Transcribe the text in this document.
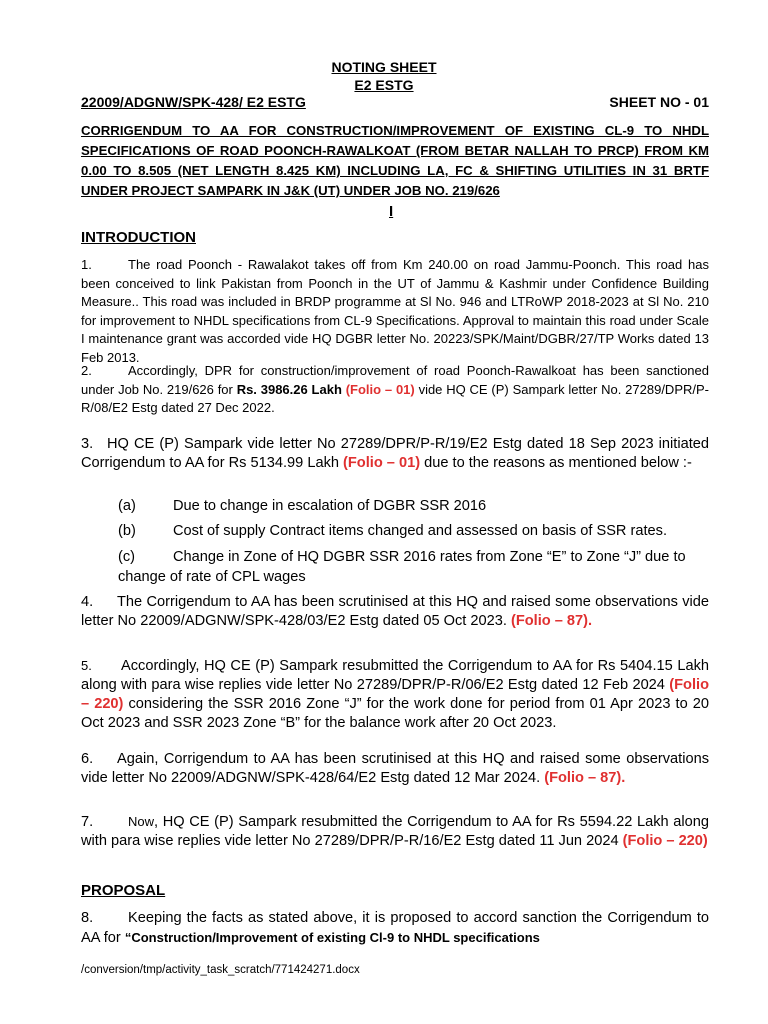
NOTING SHEET
E2 ESTG
22009/ADGNW/SPK-428/ E2 ESTG	SHEET NO - 01
CORRIGENDUM TO AA FOR CONSTRUCTION/IMPROVEMENT OF EXISTING CL-9 TO NHDL SPECIFICATIONS OF ROAD POONCH-RAWALKOAT (FROM BETAR NALLAH TO PRCP) FROM KM 0.00 TO 8.505 (NET LENGTH 8.425 KM) INCLUDING LA, FC & SHIFTING UTILITIES IN 31 BRTF UNDER PROJECT SAMPARK IN J&K (UT) UNDER JOB NO. 219/626
I
INTRODUCTION
1.	The road Poonch - Rawalakot takes off from Km 240.00 on road Jammu-Poonch. This road has been conceived to link Pakistan from Poonch in the UT of Jammu & Kashmir under Confidence Building Measure.. This road was included in BRDP programme at Sl No. 946 and LTRoWP 2018-2023 at Sl No. 210 for improvement to NHDL specifications from CL-9 Specifications. Approval to maintain this road under Scale I maintenance grant was accorded vide HQ DGBR letter No. 20223/SPK/Maint/DGBR/27/TP Works dated 13 Feb 2013.
2.	Accordingly, DPR for construction/improvement of road Poonch-Rawalkoat has been sanctioned under Job No. 219/626 for Rs. 3986.26 Lakh (Folio – 01) vide HQ CE (P) Sampark letter No. 27289/DPR/P-R/08/E2 Estg dated 27 Dec 2022.
3. HQ CE (P) Sampark vide letter No 27289/DPR/P-R/19/E2 Estg dated 18 Sep 2023 initiated Corrigendum to AA for Rs 5134.99 Lakh (Folio – 01) due to the reasons as mentioned below :-
(a)	Due to change in escalation of DGBR SSR 2016
(b)	Cost of supply Contract items changed and assessed on basis of SSR rates.
(c)	Change in Zone of HQ DGBR SSR 2016 rates from Zone “E” to Zone “J” due to change of rate of CPL wages
4. The Corrigendum to AA has been scrutinised at this HQ and raised some observations vide letter No 22009/ADGNW/SPK-428/03/E2 Estg dated 05 Oct 2023. (Folio – 87).
5. Accordingly, HQ CE (P) Sampark resubmitted the Corrigendum to AA for Rs 5404.15 Lakh along with para wise replies vide letter No 27289/DPR/P-R/06/E2 Estg dated 12 Feb 2024 (Folio – 220) considering the SSR 2016 Zone “J” for the work done for period from 01 Apr 2023 to 20 Oct 2023 and SSR 2023 Zone “B” for the balance work after 20 Oct 2023.
6. Again, Corrigendum to AA has been scrutinised at this HQ and raised some observations vide letter No 22009/ADGNW/SPK-428/64/E2 Estg dated 12 Mar 2024. (Folio – 87).
7.	Now, HQ CE (P) Sampark resubmitted the Corrigendum to AA for Rs 5594.22 Lakh along with para wise replies vide letter No 27289/DPR/P-R/16/E2 Estg dated 11 Jun 2024 (Folio – 220)
PROPOSAL
8. Keeping the facts as stated above, it is proposed to accord sanction the Corrigendum to AA for “Construction/Improvement of existing Cl-9 to NHDL specifications
/conversion/tmp/activity_task_scratch/771424271.docx
